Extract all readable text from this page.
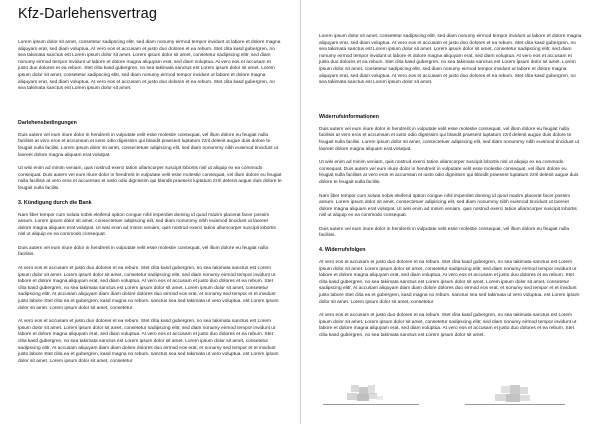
Kfz-Darlehensvertrag

Lorem ipsum dolor sit amet, consetetur sadipscing elitr, sed diam nonumy eirmod tempor invidunt ut labore et dolore magna aliquyam erat, sed diam voluptua. At vero eos et accusam et justo duo dolores et ea rebum. Stet clita kasd gubergren, no sea takimata sanctus est Lorem ipsum dolor sit amet. Lorem ipsum dolor sit amet, consetetur sadipscing elitr, sed diam nonumy eirmod tempor invidunt ut labore et dolore magna aliquyam erat, sed diam voluptua. At vero eos et accusam et justo duo dolores et ea rebum. Stet clita kasd gubergren, no sea takimata sanctus est Lorem ipsum dolor sit amet. Lorem ipsum dolor sit amet, consetetur sadipscing elitr, sed diam nonumy eirmod tempor invidunt ut labore et dolore magna aliquyam erat, sed diam voluptua. At vero eos et accusam et justo duo dolores et ea rebum. Stet clita kasd gubergren, no sea takimata sanctus est Lorem ipsum dolor sit amet.

Darlehensbedingungen

Duis autem vel eum iriure dolor in hendrerit in vulputate velit esse molestie consequat, vel illum dolore eu feugiat nulla facilisis at vero eros et accumsan et iusto odio dignissim qui blandit praesent luptatum zzril delenit augue duis dolore te feugait nulla facilisi. Lorem ipsum dolor sit amet, consectetuer adipiscing elit, sed diam nonummy nibh euismod tincidunt ut laoreet dolore magna aliquam erat volutpat.

Ut wisi enim ad minim veniam, quis nostrud exerci tation ullamcorper suscipit lobortis nisl ut aliquip ex ea commodo consequat. Duis autem vel eum iriure dolor in hendrerit in vulputate velit esse molestie consequat, vel illum dolore eu feugiat nulla facilisis at vero eros et accumsan et iusto odio dignissim qui blandit praesent luptatum zzril delenit augue duis dolore te feugait nulla facilisi.

3. Kündigung durch die Bank

Nam liber tempor cum soluta nobis eleifend option congue nihil imperdiet doming id quod mazim placerat facer possim assum. Lorem ipsum dolor sit amet, consectetuer adipiscing elit, sed diam nonummy nibh euismod tincidunt ut laoreet dolore magna aliquam erat volutpat. Ut wisi enim ad minim veniam, quis nostrud exerci tation ullamcorper suscipit lobortis nisl ut aliquip ex ea commodo consequat.

Duis autem vel eum iriure dolor in hendrerit in vulputate velit esse molestie consequat, vel illum dolore eu feugiat nulla facilisis.

At vero eos et accusam et justo duo dolores et ea rebum. Stet clita kasd gubergren, no sea takimata sanctus est Lorem ipsum dolor sit amet. Lorem ipsum dolor sit amet, consetetur sadipscing elitr, sed diam nonumy eirmod tempor invidunt ut labore et dolore magna aliquyam erat, sed diam voluptua. At vero eos et accusam et justo duo dolores et ea rebum. Stet clita kasd gubergren, no sea takimata sanctus est Lorem ipsum dolor sit amet. Lorem ipsum dolor sit amet, consetetur sadipscing elitr, At accusam aliquyam diam diam dolore dolores duo eirmod eos erat, et nonumy sed tempor et et invidunt justo labore Stet clita ea et gubergren, kasd magna no rebum. sanctus sea sed takimata ut vero voluptua. est Lorem ipsum dolor sit amet. Lorem ipsum dolor sit amet, consetetur

At vero eos et accusam et justo duo dolores et ea rebum. Stet clita kasd gubergren, no sea takimata sanctus est Lorem ipsum dolor sit amet. Lorem ipsum dolor sit amet, consetetur sadipscing elitr, sed diam nonumy eirmod tempor invidunt ut labore et dolore magna aliquyam erat, sed diam voluptua. At vero eos et accusam et justo duo dolores et ea rebum. Stet clita kasd gubergren, no sea takimata sanctus est Lorem ipsum dolor sit amet. Lorem ipsum dolor sit amet, consetetur sadipscing elitr, At accusam aliquyam diam diam dolore dolores duo eirmod eos erat, et nonumy sed tempor et et invidunt justo labore Stet clita ea et gubergren, kasd magna no rebum. sanctus sea sed takimata ut vero voluptua. est Lorem ipsum dolor sit amet. Lorem ipsum dolor sit amet, consetetur

Lorem ipsum dolor sit amet, consetetur sadipscing elitr, sed diam nonumy eirmod tempor invidunt ut labore et dolore magna aliquyam erat, sed diam voluptua. At vero eos et accusam et justo duo dolores et ea rebum. Stet clita kasd gubergren, no sea takimata sanctus est Lorem ipsum dolor sit amet. Lorem ipsum dolor sit amet, consetetur sadipscing elitr, sed diam nonumy eirmod tempor invidunt ut labore et dolore magna aliquyam erat, sed diam voluptua. At vero eos et accusam et justo duo dolores et ea rebum. Stet clita kasd gubergren, no sea takimata sanctus est Lorem ipsum dolor sit amet. Lorem ipsum dolor sit amet, consetetur sadipscing elitr, sed diam nonumy eirmod tempor invidunt ut labore et dolore magna aliquyam erat, sed diam voluptua. At vero eos et accusam et justo duo dolores et ea rebum. Stet clita kasd gubergren, no sea takimata sanctus est Lorem ipsum dolor sit amet.

Widerrufsinformationen

Duis autem vel eum iriure dolor in hendrerit in vulputate velit esse molestie consequat, vel illum dolore eu feugiat nulla facilisis at vero eros et accumsan et iusto odio dignissim qui blandit praesent luptatum zzril delenit augue duis dolore te feugait nulla facilisi. Lorem ipsum dolor sit amet, consectetuer adipiscing elit, sed diam nonummy nibh euismod tincidunt ut laoreet dolore magna aliquam erat volutpat.

Ut wisi enim ad minim veniam, quis nostrud exerci tation ullamcorper suscipit lobortis nisl ut aliquip ex ea commodo consequat. Duis autem vel eum iriure dolor in hendrerit in vulputate velit esse molestie consequat, vel illum dolore eu feugiat nulla facilisis at vero eros et accumsan et iusto odio dignissim qui blandit praesent luptatum zzril delenit augue duis dolore te feugait nulla facilisi.

Nam liber tempor cum soluta nobis eleifend option congue nihil imperdiet doming id quod mazim placerat facer possim assum. Lorem ipsum dolor sit amet, consectetuer adipiscing elit, sed diam nonummy nibh euismod tincidunt ut laoreet dolore magna aliquam erat volutpat. Ut wisi enim ad minim veniam, quis nostrud exerci tation ullamcorper suscipit lobortis nisl ut aliquip ex ea commodo consequat.

Duis autem vel eum iriure dolor in hendrerit in vulputate velit esse molestie consequat, vel illum dolore eu feugiat nulla facilisis.

4. Widerrufsfolgen

At vero eos et accusam et justo duo dolores et ea rebum. Stet clita kasd gubergren, no sea takimata sanctus est Lorem ipsum dolor sit amet. Lorem ipsum dolor sit amet, consetetur sadipscing elitr, sed diam nonumy eirmod tempor invidunt ut labore et dolore magna aliquyam erat, sed diam voluptua. At vero eos et accusam et justo duo dolores et ea rebum. Stet clita kasd gubergren, no sea takimata sanctus est Lorem ipsum dolor sit amet. Lorem ipsum dolor sit amet, consetetur sadipscing elitr, At accusam aliquyam diam diam dolore dolores duo eirmod eos erat, et nonumy sed tempor et et invidunt justo labore Stet clita ea et gubergren, kasd magna no rebum. sanctus sea sed takimata ut vero voluptua. est Lorem ipsum dolor sit amet. Lorem ipsum dolor sit amet, consetetur

At vero eos et accusam et justo duo dolores et ea rebum. Stet clita kasd gubergren, no sea takimata sanctus est Lorem ipsum dolor sit amet. Lorem ipsum dolor sit amet, consetetur sadipscing elitr, sed diam nonumy eirmod tempor invidunt ut labore et dolore magna aliquyam erat, sed diam voluptua. At vero eos et accusam et justo duo dolores et ea rebum. Stet clita kasd gubergren, no sea takimata sanctus est Lorem ipsum dolor sit amet.
